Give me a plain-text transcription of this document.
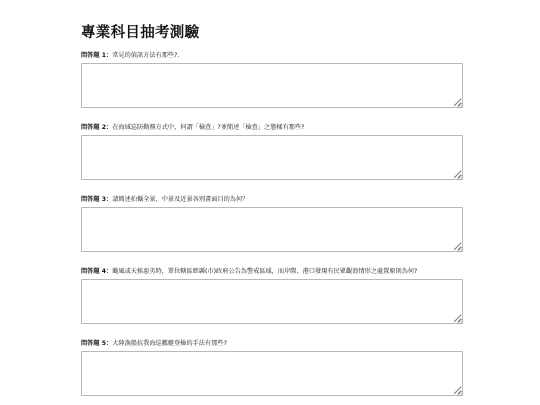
專業科目抽考測驗
問答題 1：常見的偵訊方法有那些?.
問答題 2：在海域巡防勤務方式中，何謂「檢查」?並簡述「檢查」之態樣有那些?
問答題 3：請簡述拍攝全景、中景及近景各別畫面目的為何？
問答題 4：颱風或天候惡劣時，單位轄區經縣(市)政府公告為警戒區域，而岸際、港口發現有民眾觀浪情形之處置原則為何?
問答題 5：大陸漁船抗我海巡艦艇登檢的手法有那些?
